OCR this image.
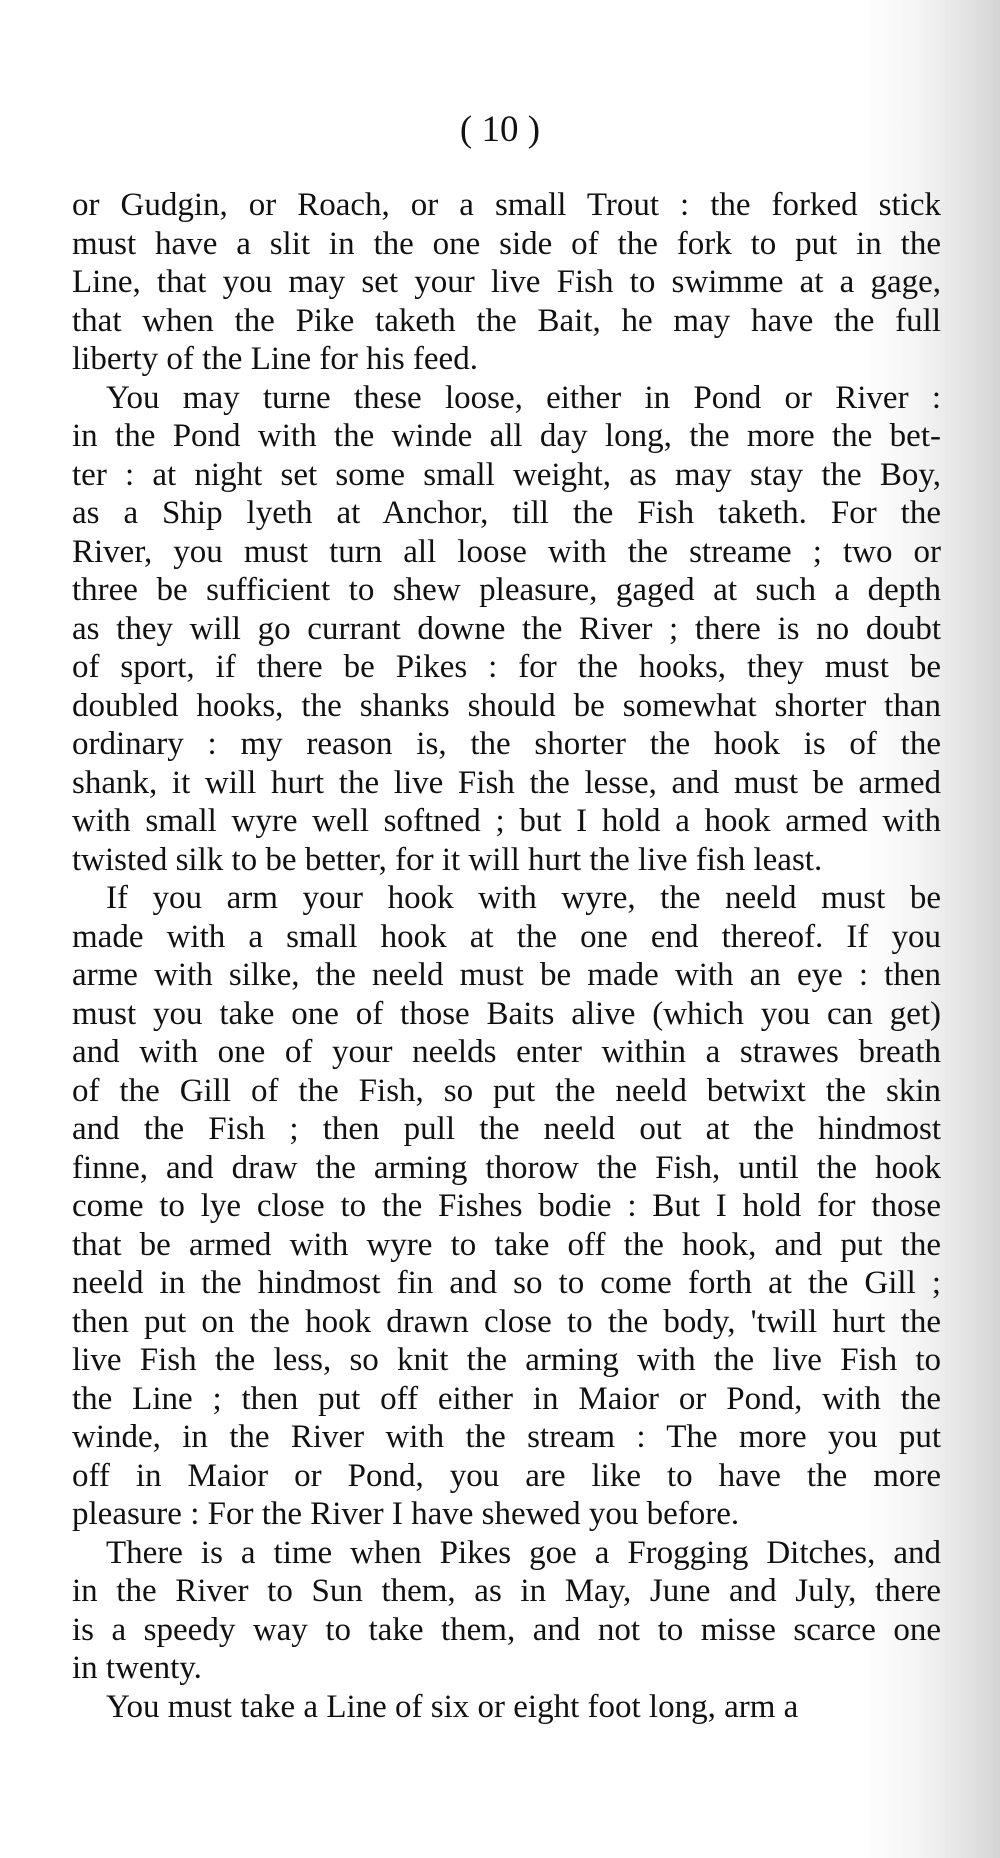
( 10 )
or Gudgin, or Roach, or a small Trout : the forked stick
must have a slit in the one side of the fork to put in the
Line, that you may set your live Fish to swimme at a gage,
that when the Pike taketh the Bait, he may have the full
liberty of the Line for his feed.
You may turne these loose, either in Pond or River :
in the Pond with the winde all day long, the more the bet-
ter : at night set some small weight, as may stay the Boy,
as a Ship lyeth at Anchor, till the Fish taketh. For the
River, you must turn all loose with the streame ; two or
three be sufficient to shew pleasure, gaged at such a depth
as they will go currant downe the River ; there is no doubt
of sport, if there be Pikes : for the hooks, they must be
doubled hooks, the shanks should be somewhat shorter than
ordinary : my reason is, the shorter the hook is of the
shank, it will hurt the live Fish the lesse, and must be armed
with small wyre well softned ; but I hold a hook armed with
twisted silk to be better, for it will hurt the live fish least.
If you arm your hook with wyre, the neeld must be
made with a small hook at the one end thereof. If you
arme with silke, the neeld must be made with an eye : then
must you take one of those Baits alive (which you can get)
and with one of your neelds enter within a strawes breath
of the Gill of the Fish, so put the neeld betwixt the skin
and the Fish ; then pull the neeld out at the hindmost
finne, and draw the arming thorow the Fish, until the hook
come to lye close to the Fishes bodie : But I hold for those
that be armed with wyre to take off the hook, and put the
neeld in the hindmost fin and so to come forth at the Gill ;
then put on the hook drawn close to the body, 'twill hurt the
live Fish the less, so knit the arming with the live Fish to
the Line ; then put off either in Maior or Pond, with the
winde, in the River with the stream : The more you put
off in Maior or Pond, you are like to have the more
pleasure : For the River I have shewed you before.
There is a time when Pikes goe a Frogging Ditches, and
in the River to Sun them, as in May, June and July, there
is a speedy way to take them, and not to misse scarce one
in twenty.
You must take a Line of six or eight foot long, arm a
